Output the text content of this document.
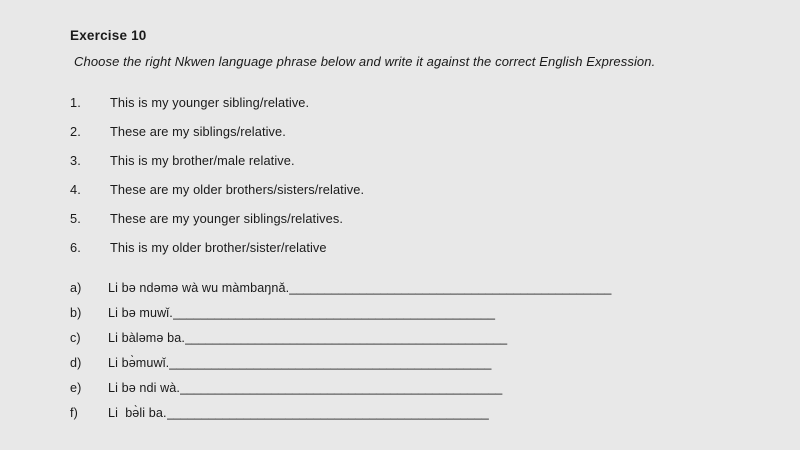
Exercise 10
Choose the right Nkwen language phrase below and write it against the correct English Expression.
1.	This is my younger sibling/relative.
2.	These are my siblings/relative.
3.	This is my brother/male relative.
4.	These are my older brothers/sisters/relative.
5.	These are my younger siblings/relatives.
6.	This is my older brother/sister/relative
a)	Li bə ndəmə wà wu màmbaŋnǎ. ______________________________________________
b)	Li bə muwǐ. ______________________________________________
c)	Li bàləmə ba. ______________________________________________
d)	Li bə̀muwǐ. ______________________________________________
e)	Li bə ndi wà. ______________________________________________
f)	Li  bə̀li ba. ______________________________________________
